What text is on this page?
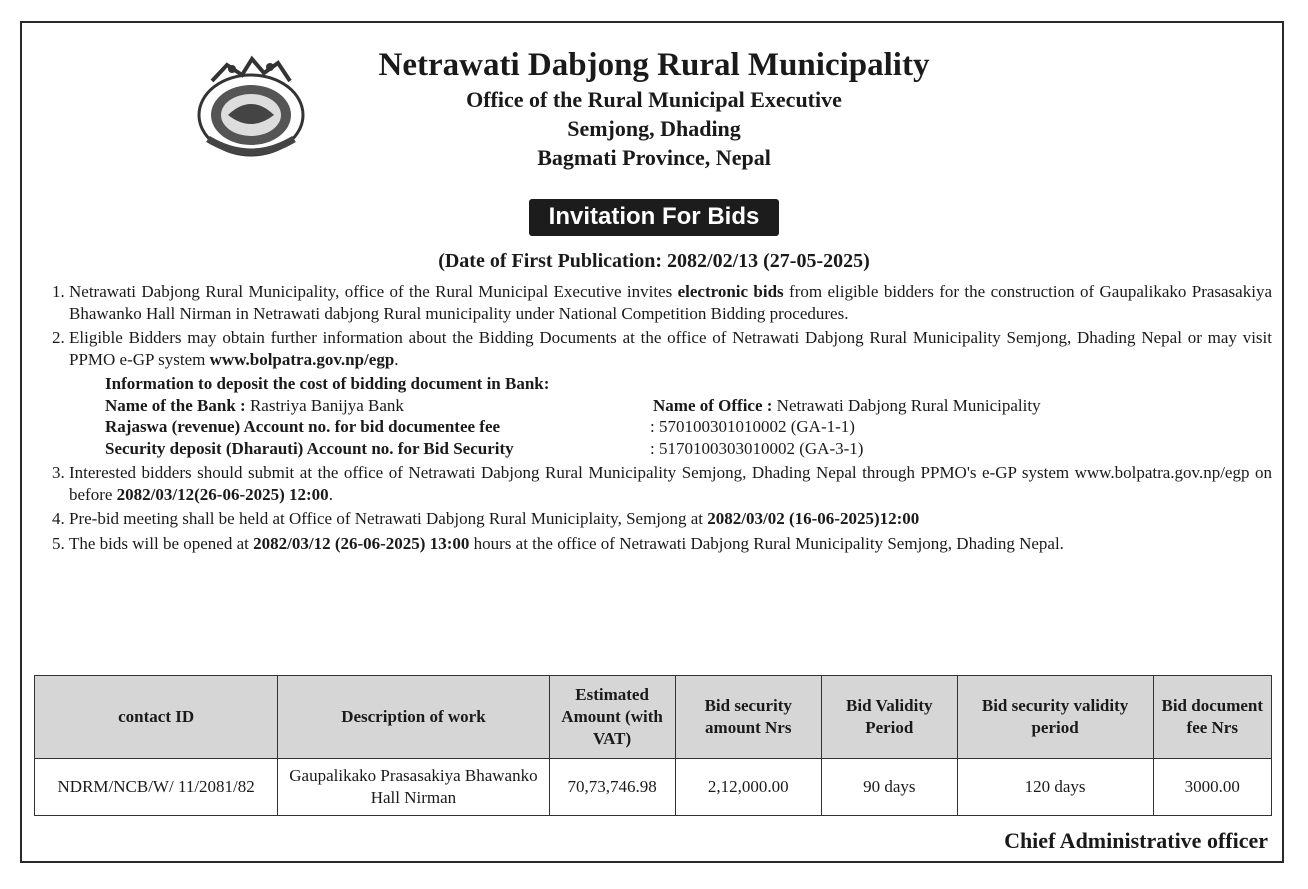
Netrawati Dabjong Rural Municipality

Office of the Rural Municipal Executive

Semjong, Dhading

Bagmati Province, Nepal

Invitation For Bids
(Date of First Publication: 2082/02/13 (27-05-2025)
1. Netrawati Dabjong Rural Municipality, office of the Rural Municipal Executive invites electronic bids from eligible bidders for the construction of Gaupalikako Prasasakiya Bhawanko Hall Nirman in Netrawati dabjong Rural municipality under National Competition Bidding procedures.
2. Eligible Bidders may obtain further information about the Bidding Documents at the office of Netrawati Dabjong Rural Municipality Semjong, Dhading Nepal or may visit PPMO e-GP system www.bolpatra.gov.np/egp.
Information to deposit the cost of bidding document in Bank:
Name of the Bank : Rastriya Banijya Bank	Name of Office : Netrawati Dabjong Rural Municipality
Rajaswa (revenue) Account no. for bid documentee fee	: 570100301010002 (GA-1-1)
Security deposit (Dharauti) Account no. for Bid Security	: 5170100303010002 (GA-3-1)
3. Interested bidders should submit at the office of Netrawati Dabjong Rural Municipality Semjong, Dhading Nepal through PPMO's e-GP system www.bolpatra.gov.np/egp on before 2082/03/12(26-06-2025) 12:00.
4. Pre-bid meeting shall be held at Office of Netrawati Dabjong Rural Municiplaity, Semjong at 2082/03/02 (16-06-2025)12:00
5. The bids will be opened at 2082/03/12 (26-06-2025) 13:00 hours at the office of Netrawati Dabjong Rural Municipality Semjong, Dhading Nepal.
contact ID	Description of work	Estimated Amount (with VAT)	Bid security amount Nrs	Bid Validity Period	Bid security validity period	Bid document fee Nrs
NDRM/NCB/W/ 11/2081/82	Gaupalikako Prasasakiya Bhawanko Hall Nirman	70,73,746.98	2,12,000.00	90 days	120 days	3000.00
Chief Administrative officer
